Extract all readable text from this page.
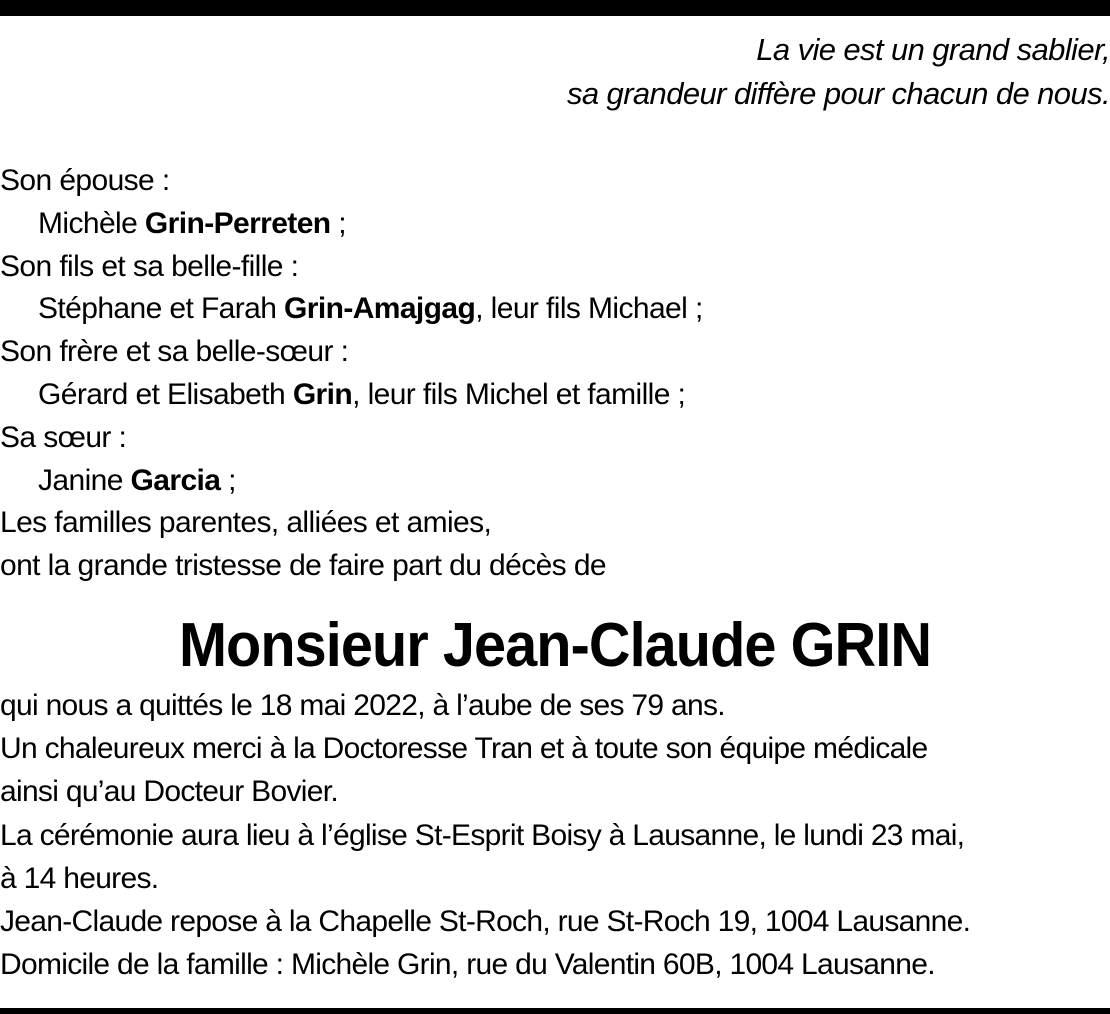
La vie est un grand sablier,
sa grandeur diffère pour chacun de nous.
Son épouse :
Michèle Grin-Perreten ;
Son fils et sa belle-fille :
Stéphane et Farah Grin-Amajgag, leur fils Michael ;
Son frère et sa belle-sœur :
Gérard et Elisabeth Grin, leur fils Michel et famille ;
Sa sœur :
Janine Garcia ;
Les familles parentes, alliées et amies,
ont la grande tristesse de faire part du décès de
Monsieur Jean-Claude GRIN
qui nous a quittés le 18 mai 2022, à l’aube de ses 79 ans.
Un chaleureux merci à la Doctoresse Tran et à toute son équipe médicale
ainsi qu’au Docteur Bovier.
La cérémonie aura lieu à l’église St-Esprit Boisy à Lausanne, le lundi 23 mai,
à 14 heures.
Jean-Claude repose à la Chapelle St-Roch, rue St-Roch 19, 1004 Lausanne.
Domicile de la famille : Michèle Grin, rue du Valentin 60B, 1004 Lausanne.
